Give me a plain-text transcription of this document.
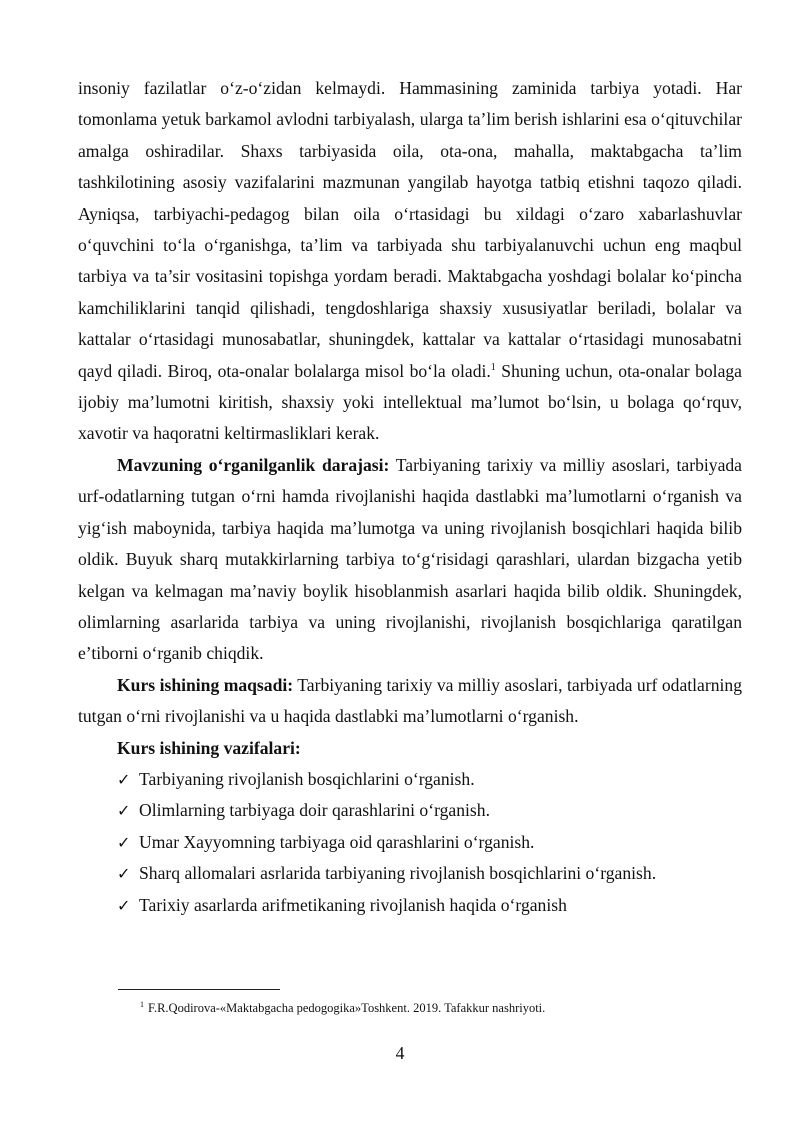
insoniy fazilatlar o‘z-o‘zidan kelmaydi. Hammasining zaminida tarbiya yotadi. Har tomonlama yetuk barkamol avlodni tarbiyalash, ularga ta’lim berish ishlarini esa o‘qituvchilar amalga oshiradilar. Shaxs tarbiyasida oila, ota-ona, mahalla, maktabgacha ta’lim tashkilotining asosiy vazifalarini mazmunan yangilab hayotga tatbiq etishni taqozo qiladi. Ayniqsa, tarbiyachi-pedagog bilan oila o‘rtasidagi bu xildagi o‘zaro xabarlashuvlar o‘quvchini to‘la o‘rganishga, ta’lim va tarbiyada shu tarbiyalanuvchi uchun eng maqbul tarbiya va ta’sir vositasini topishga yordam beradi. Maktabgacha yoshdagi bolalar ko‘pincha kamchiliklarini tanqid qilishadi, tengdoshlariga shaxsiy xususiyatlar beriladi, bolalar va kattalar o‘rtasidagi munosabatlar, shuningdek, kattalar va kattalar o‘rtasidagi munosabatni qayd qiladi. Biroq, ota-onalar bolalarga misol bo‘la oladi.$^1$ Shuning uchun, ota-onalar bolaga ijobiy ma’lumotni kiritish, shaxsiy yoki intellektual ma’lumot bo‘lsin, u bolaga qo‘rquv, xavotir va haqoratni keltirmasliklari kerak.

Mavzuning o‘rganilganlik darajasi: Tarbiyaning tarixiy va milliy asoslari, tarbiyada urf-odatlarning tutgan o‘rni hamda rivojlanishi haqida dastlabki ma’lumotlarni o‘rganish va yig‘ish maboynida, tarbiya haqida ma’lumotga va uning rivojlanish bosqichlari haqida bilib oldik. Buyuk sharq mutakkirlarning tarbiya to‘g‘risidagi qarashlari, ulardan bizgacha yetib kelgan va kelmagan ma’naviy boylik hisoblanmish asarlari haqida bilib oldik. Shuningdek, olimlarning asarlarida tarbiya va uning rivojlanishi, rivojlanish bosqichlariga qaratilgan e’tiborni o‘rganib chiqdik.

Kurs ishining maqsadi: Tarbiyaning tarixiy va milliy asoslari, tarbiyada urf odatlarning tutgan o‘rni rivojlanishi va u haqida dastlabki ma’lumotlarni o‘rganish.

Kurs ishining vazifalari:

✓ Tarbiyaning rivojlanish bosqichlarini o‘rganish.
✓ Olimlarning tarbiyaga doir qarashlarini o‘rganish.
✓ Umar Xayyomning tarbiyaga oid qarashlarini o‘rganish.
✓ Sharq allomalari asrlarida tarbiyaning rivojlanish bosqichlarini o‘rganish.
✓ Tarixiy asarlarda arifmetikaning rivojlanish haqida o‘rganish
$^1$ F.R.Qodirova-«Maktabgacha pedogogika»Toshkent. 2019. Tafakkur nashriyoti.
4
